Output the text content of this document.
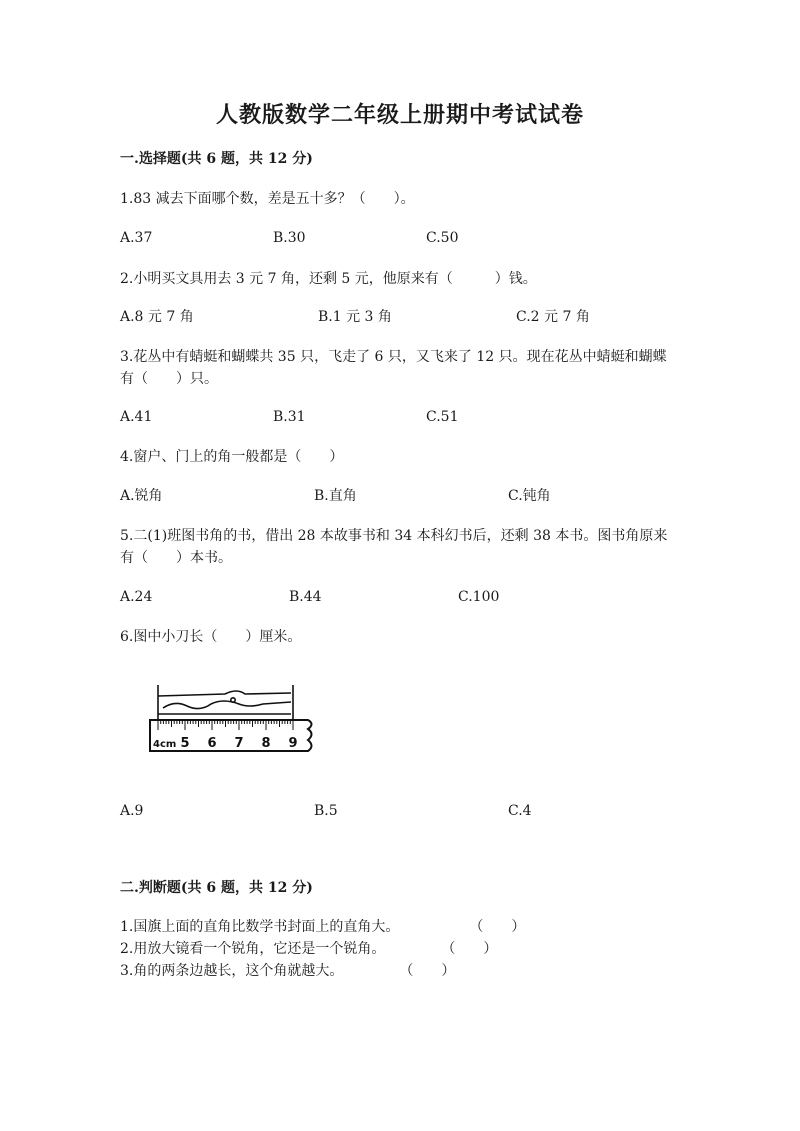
人教版数学二年级上册期中考试试卷
一.选择题(共 6 题，共 12 分)
1.83 减去下面哪个数，差是五十多？（　　）。
A.37	B.30	C.50
2.小明买文具用去 3 元 7 角，还剩 5 元，他原来有（　　　）钱。
A.8 元 7 角	B.1 元 3 角	C.2 元 7 角
3.花丛中有蜻蜓和蝴蝶共 35 只，飞走了 6 只，又飞来了 12 只。现在花丛中蜻蜓和蝴蝶有（　　）只。
A.41	B.31	C.51
4.窗户、门上的角一般都是（　　）
A.锐角	B.直角	C.钝角
5.二(1)班图书角的书，借出 28 本故事书和 34 本科幻书后，还剩 38 本书。图书角原来有（　　）本书。
A.24	B.44	C.100
6.图中小刀长（　　）厘米。
4cm 5 6 7 8 9
A.9	B.5	C.4
二.判断题(共 6 题，共 12 分)
1.国旗上面的直角比数学书封面上的直角大。　　　　　　（　　）
2.用放大镜看一个锐角，它还是一个锐角。　　　　　（　　）
3.角的两条边越长，这个角就越大。　　　　　（　　）
